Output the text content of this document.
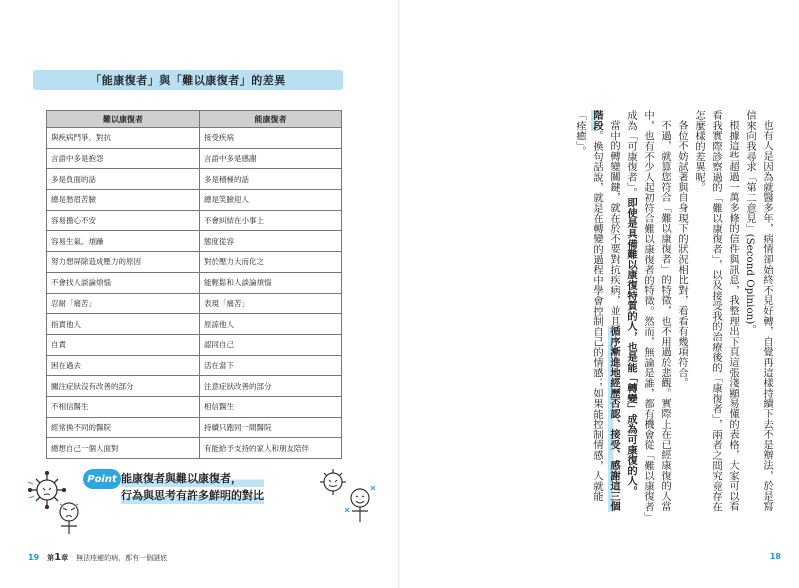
「能康復者」與「難以康復者」的差異
難以康復者	能康復者
與疾病鬥爭、對抗	接受疾病
言語中多是抱怨	言語中多是感謝
多是負面的話	多是積極的話
總是愁眉苦臉	總是笑臉迎人
容易擔心不安	不會糾結在小事上
容易生氣、煩躁	態度從容
努力想屏除造成壓力的原因	對於壓力大而化之
不會找人談論煩惱	能輕鬆和人談論煩惱
忍耐「痛苦」	表現「痛苦」
指責他人	原諒他人
自責	認同自己
困在過去	活在當下
關注症狀沒有改善的部分	注意症狀改善的部分
不相信醫生	相信醫生
經常換不同的醫院	持續只跑同一間醫院
總想自己一個人面對	有能給予支持的家人和朋友陪伴
Point 能康復者與難以康復者，
行為與思考有許多鮮明的對比
19 第1章 無法痊癒的病，都有一個謎底

也有人是因為就醫多年，病情卻始終不見好轉，自覺再這樣持續下去不是辦法，於是寫信來向我尋求「第二意見」(Second Opinion)。

根據這些超過一萬多條的信件與訊息，我整理出下頁這張淺顯易懂的表格，大家可以看看我實際診察過的「難以康復者」，以及接受我的治療後的「康復者」，兩者之間究竟存在怎麼樣的差異呢。

各位不妨試著與自身現下的狀況相比對，看看有幾項符合。

不過，就算您符合「難以康復者」的特徵，也不用過於悲觀。實際上在已經康復的人當中，也有不少人起初符合難以康復者的特徵。然而，無論是誰，都有機會從「難以康復者」成為「可康復者」。即使是具備難以康復特質的人，也是能「轉變」成為可康復的人。

當中的轉變關鍵，就在於不要對抗疾病，並且循序漸進地經歷否認、接受、感謝這三個階段。換句話說，就是在轉變的過程中學會控制自己的情感；如果能控制情感，人就能「痊癒」。

18
